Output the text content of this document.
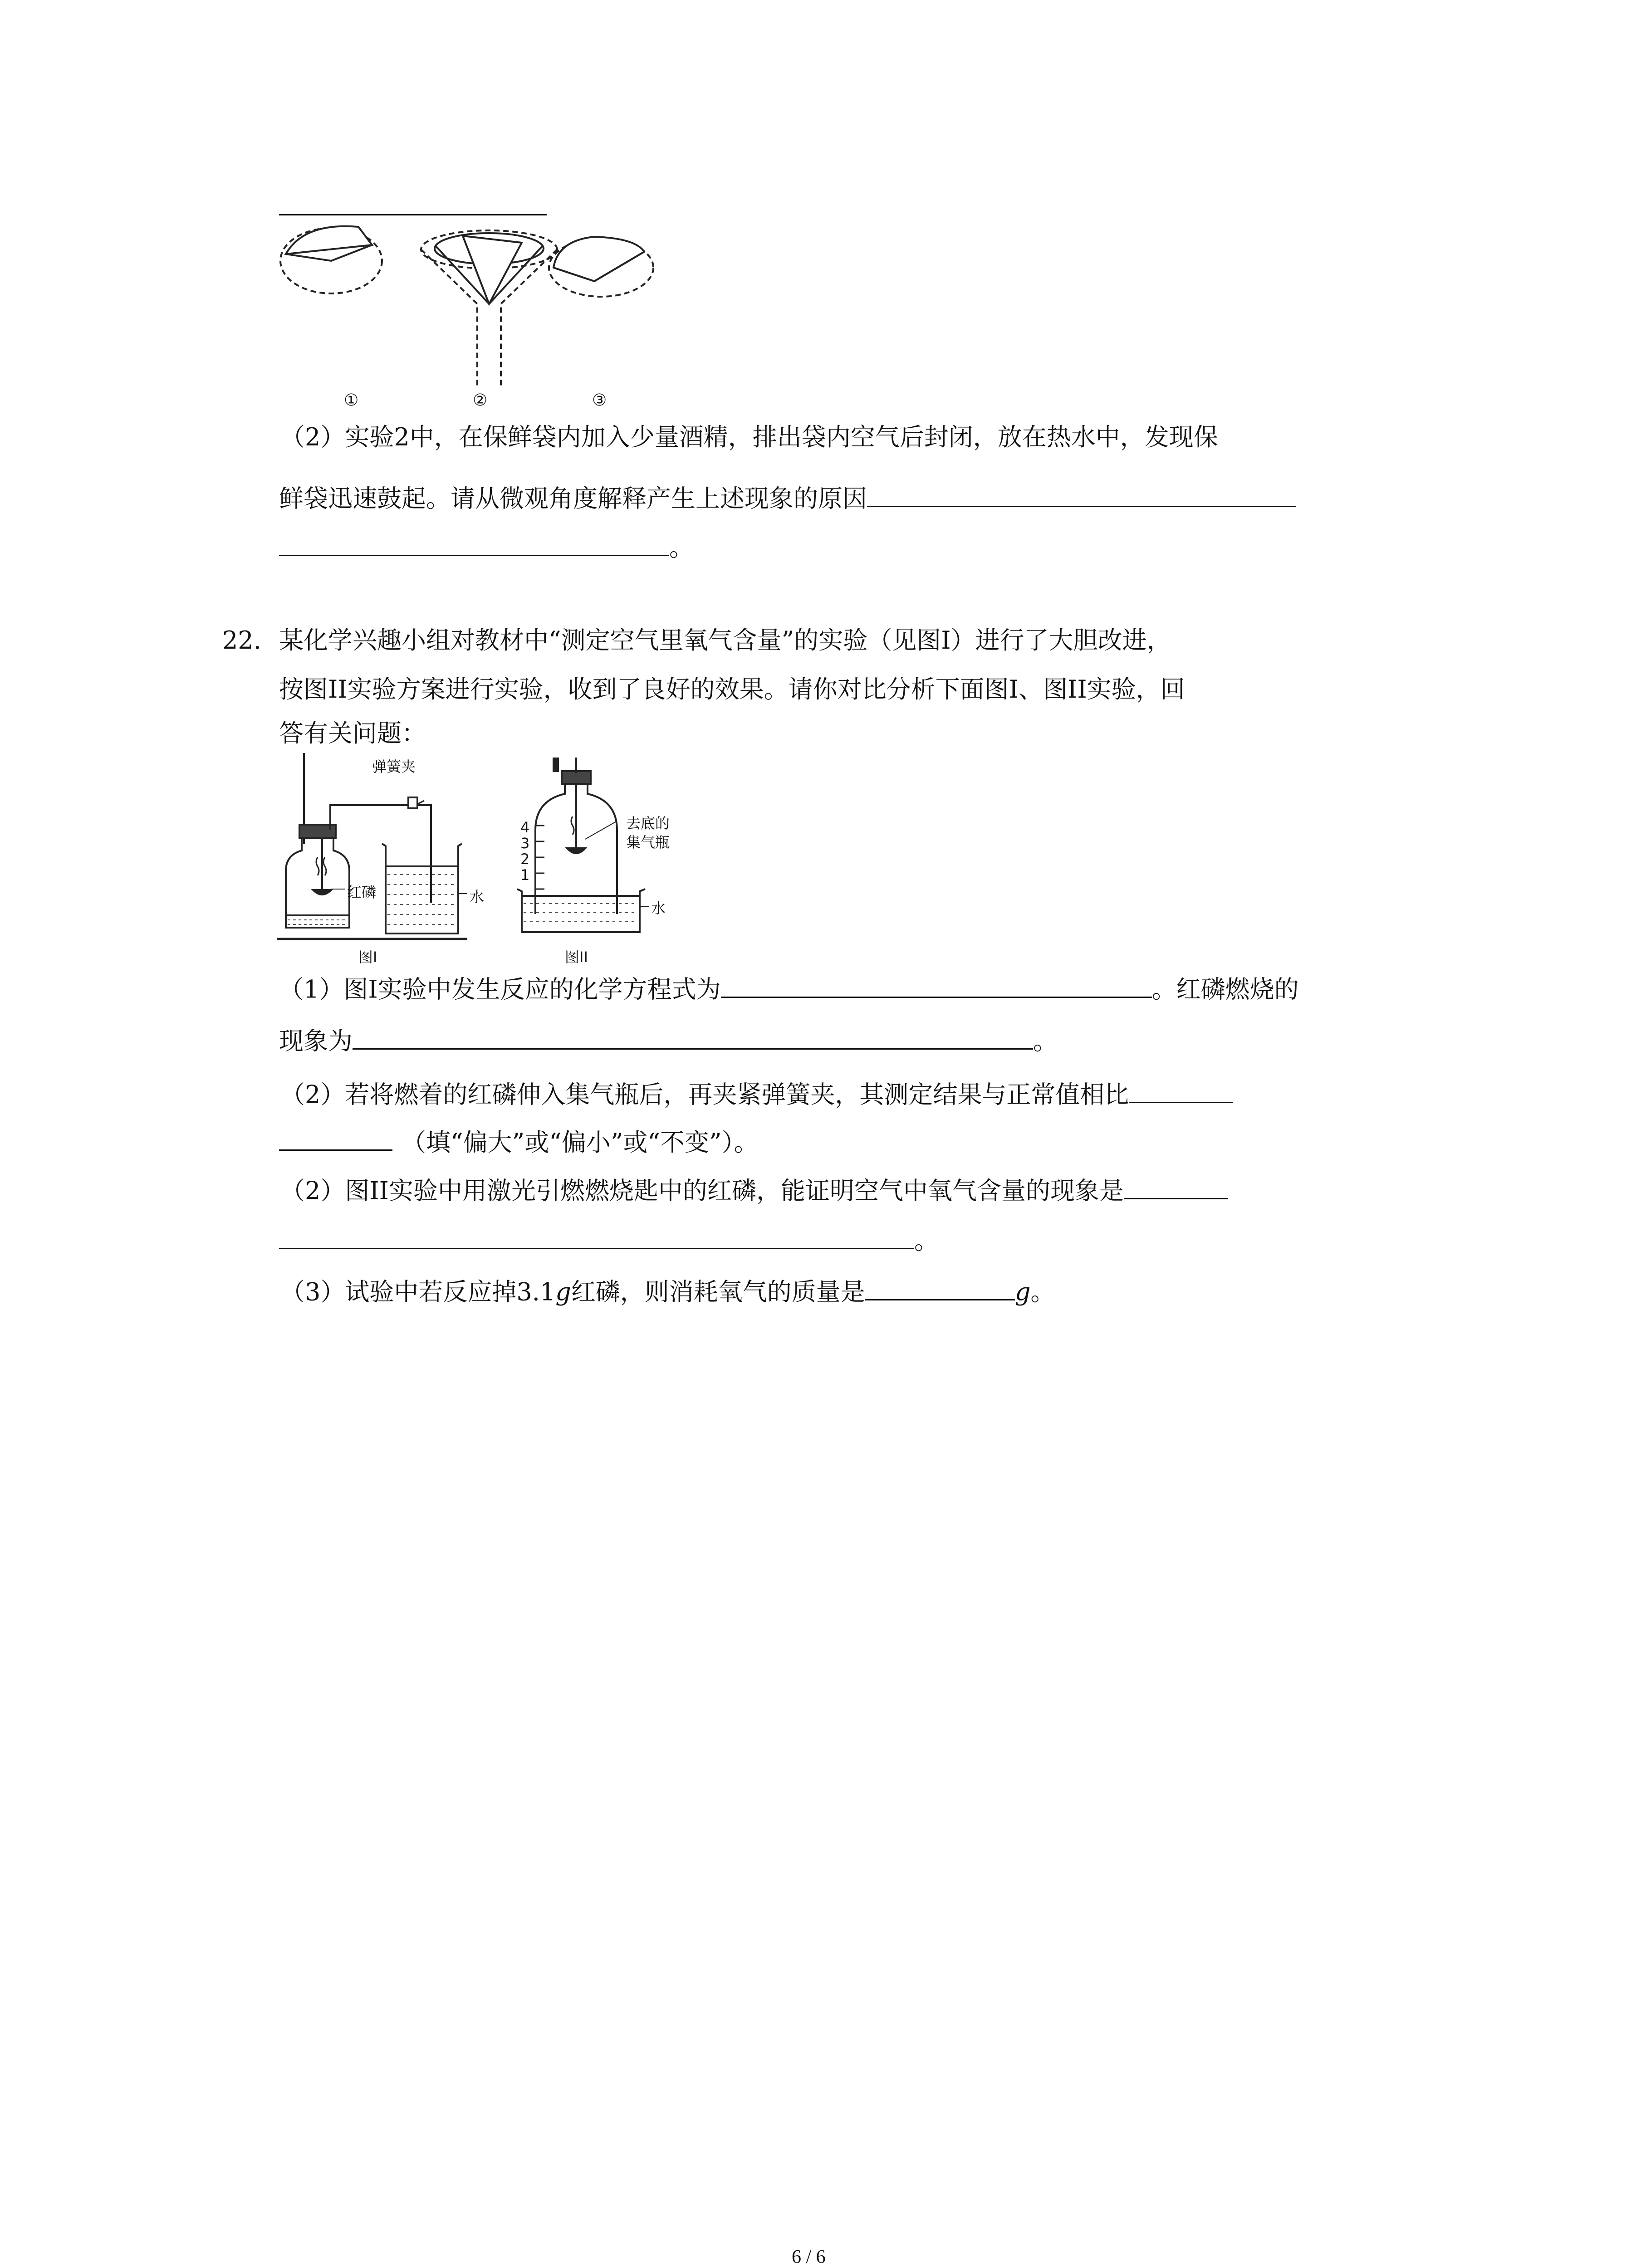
①	②	③
（2）实验2中，在保鲜袋内加入少量酒精，排出袋内空气后封闭，放在热水中，发现保
鲜袋迅速鼓起。请从微观角度解释产生上述现象的原因
。
22. 某化学兴趣小组对教材中“测定空气里氧气含量”的实验（见图I）进行了大胆改进，
按图II实验方案进行实验，收到了良好的效果。请你对比分析下面图I、图II实验，回
答有关问题：
弹簧夹
红磷	水
图I
4
3
2
1
去底的
集气瓶
水
图II
（1）图I实验中发生反应的化学方程式为	。红磷燃烧的
现象为	。
（2）若将燃着的红磷伸入集气瓶后，再夹紧弹簧夹，其测定结果与正常值相比
（填“偏大”或“偏小”或“不变”）。
（2）图II实验中用激光引燃燃烧匙中的红磷，能证明空气中氧气含量的现象是
。
（3）试验中若反应掉3.1g红磷，则消耗氧气的质量是	g。
6 / 6
